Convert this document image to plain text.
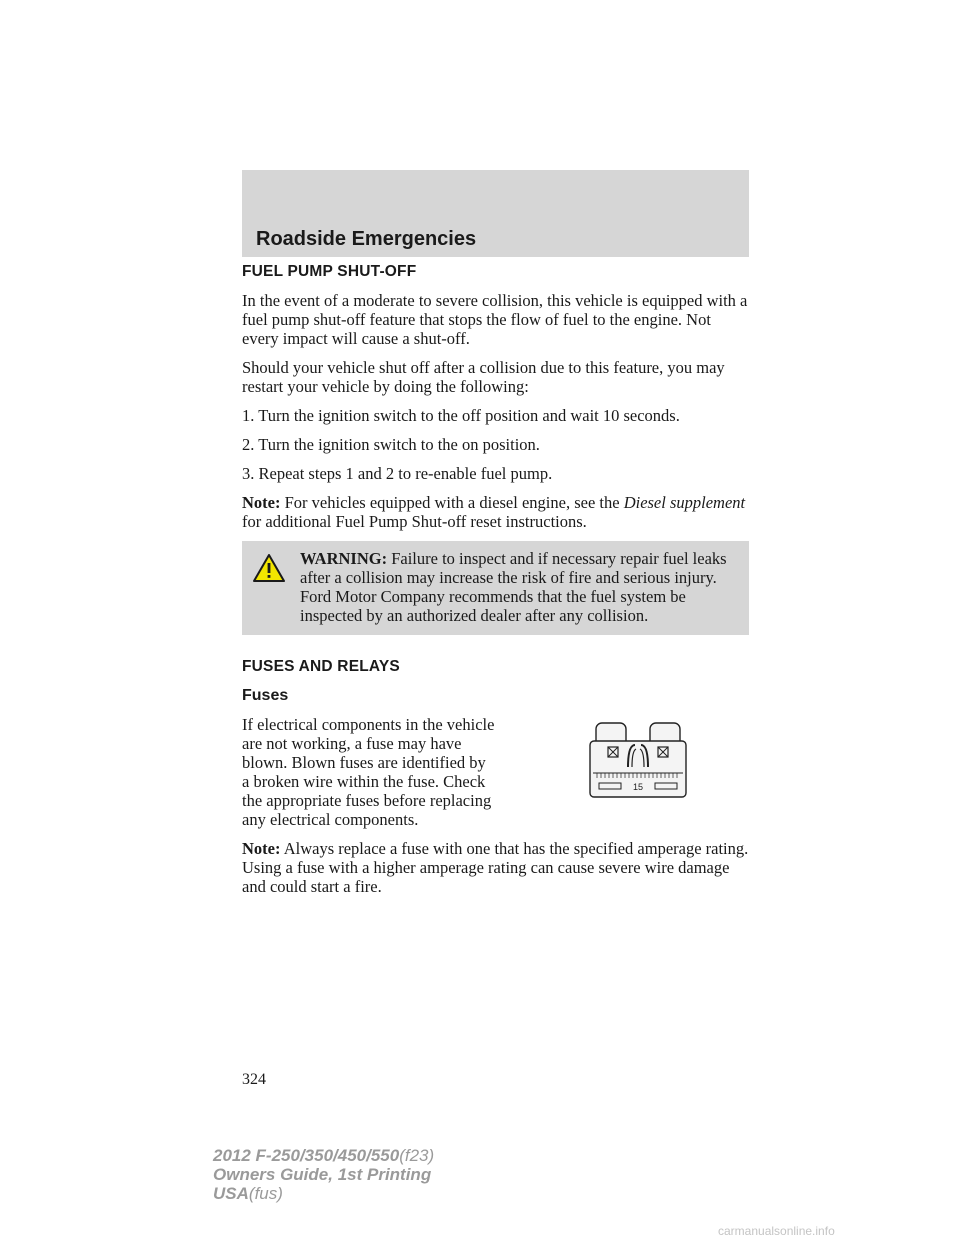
Roadside Emergencies
FUEL PUMP SHUT-OFF

In the event of a moderate to severe collision, this vehicle is equipped with a fuel pump shut-off feature that stops the flow of fuel to the engine. Not every impact will cause a shut-off.

Should your vehicle shut off after a collision due to this feature, you may restart your vehicle by doing the following:

1. Turn the ignition switch to the off position and wait 10 seconds.

2. Turn the ignition switch to the on position.

3. Repeat steps 1 and 2 to re-enable fuel pump.

Note: For vehicles equipped with a diesel engine, see the Diesel supplement for additional Fuel Pump Shut-off reset instructions.

WARNING: Failure to inspect and if necessary repair fuel leaks after a collision may increase the risk of fire and serious injury. Ford Motor Company recommends that the fuel system be inspected by an authorized dealer after any collision.
FUSES AND RELAYS
Fuses

If electrical components in the vehicle are not working, a fuse may have blown. Blown fuses are identified by a broken wire within the fuse. Check the appropriate fuses before replacing any electrical components.

15

Note: Always replace a fuse with one that has the specified amperage rating. Using a fuse with a higher amperage rating can cause severe wire damage and could start a fire.

324
2012 F-250/350/450/550(f23)
Owners Guide, 1st Printing
USA(fus)
carmanualsonline.info
